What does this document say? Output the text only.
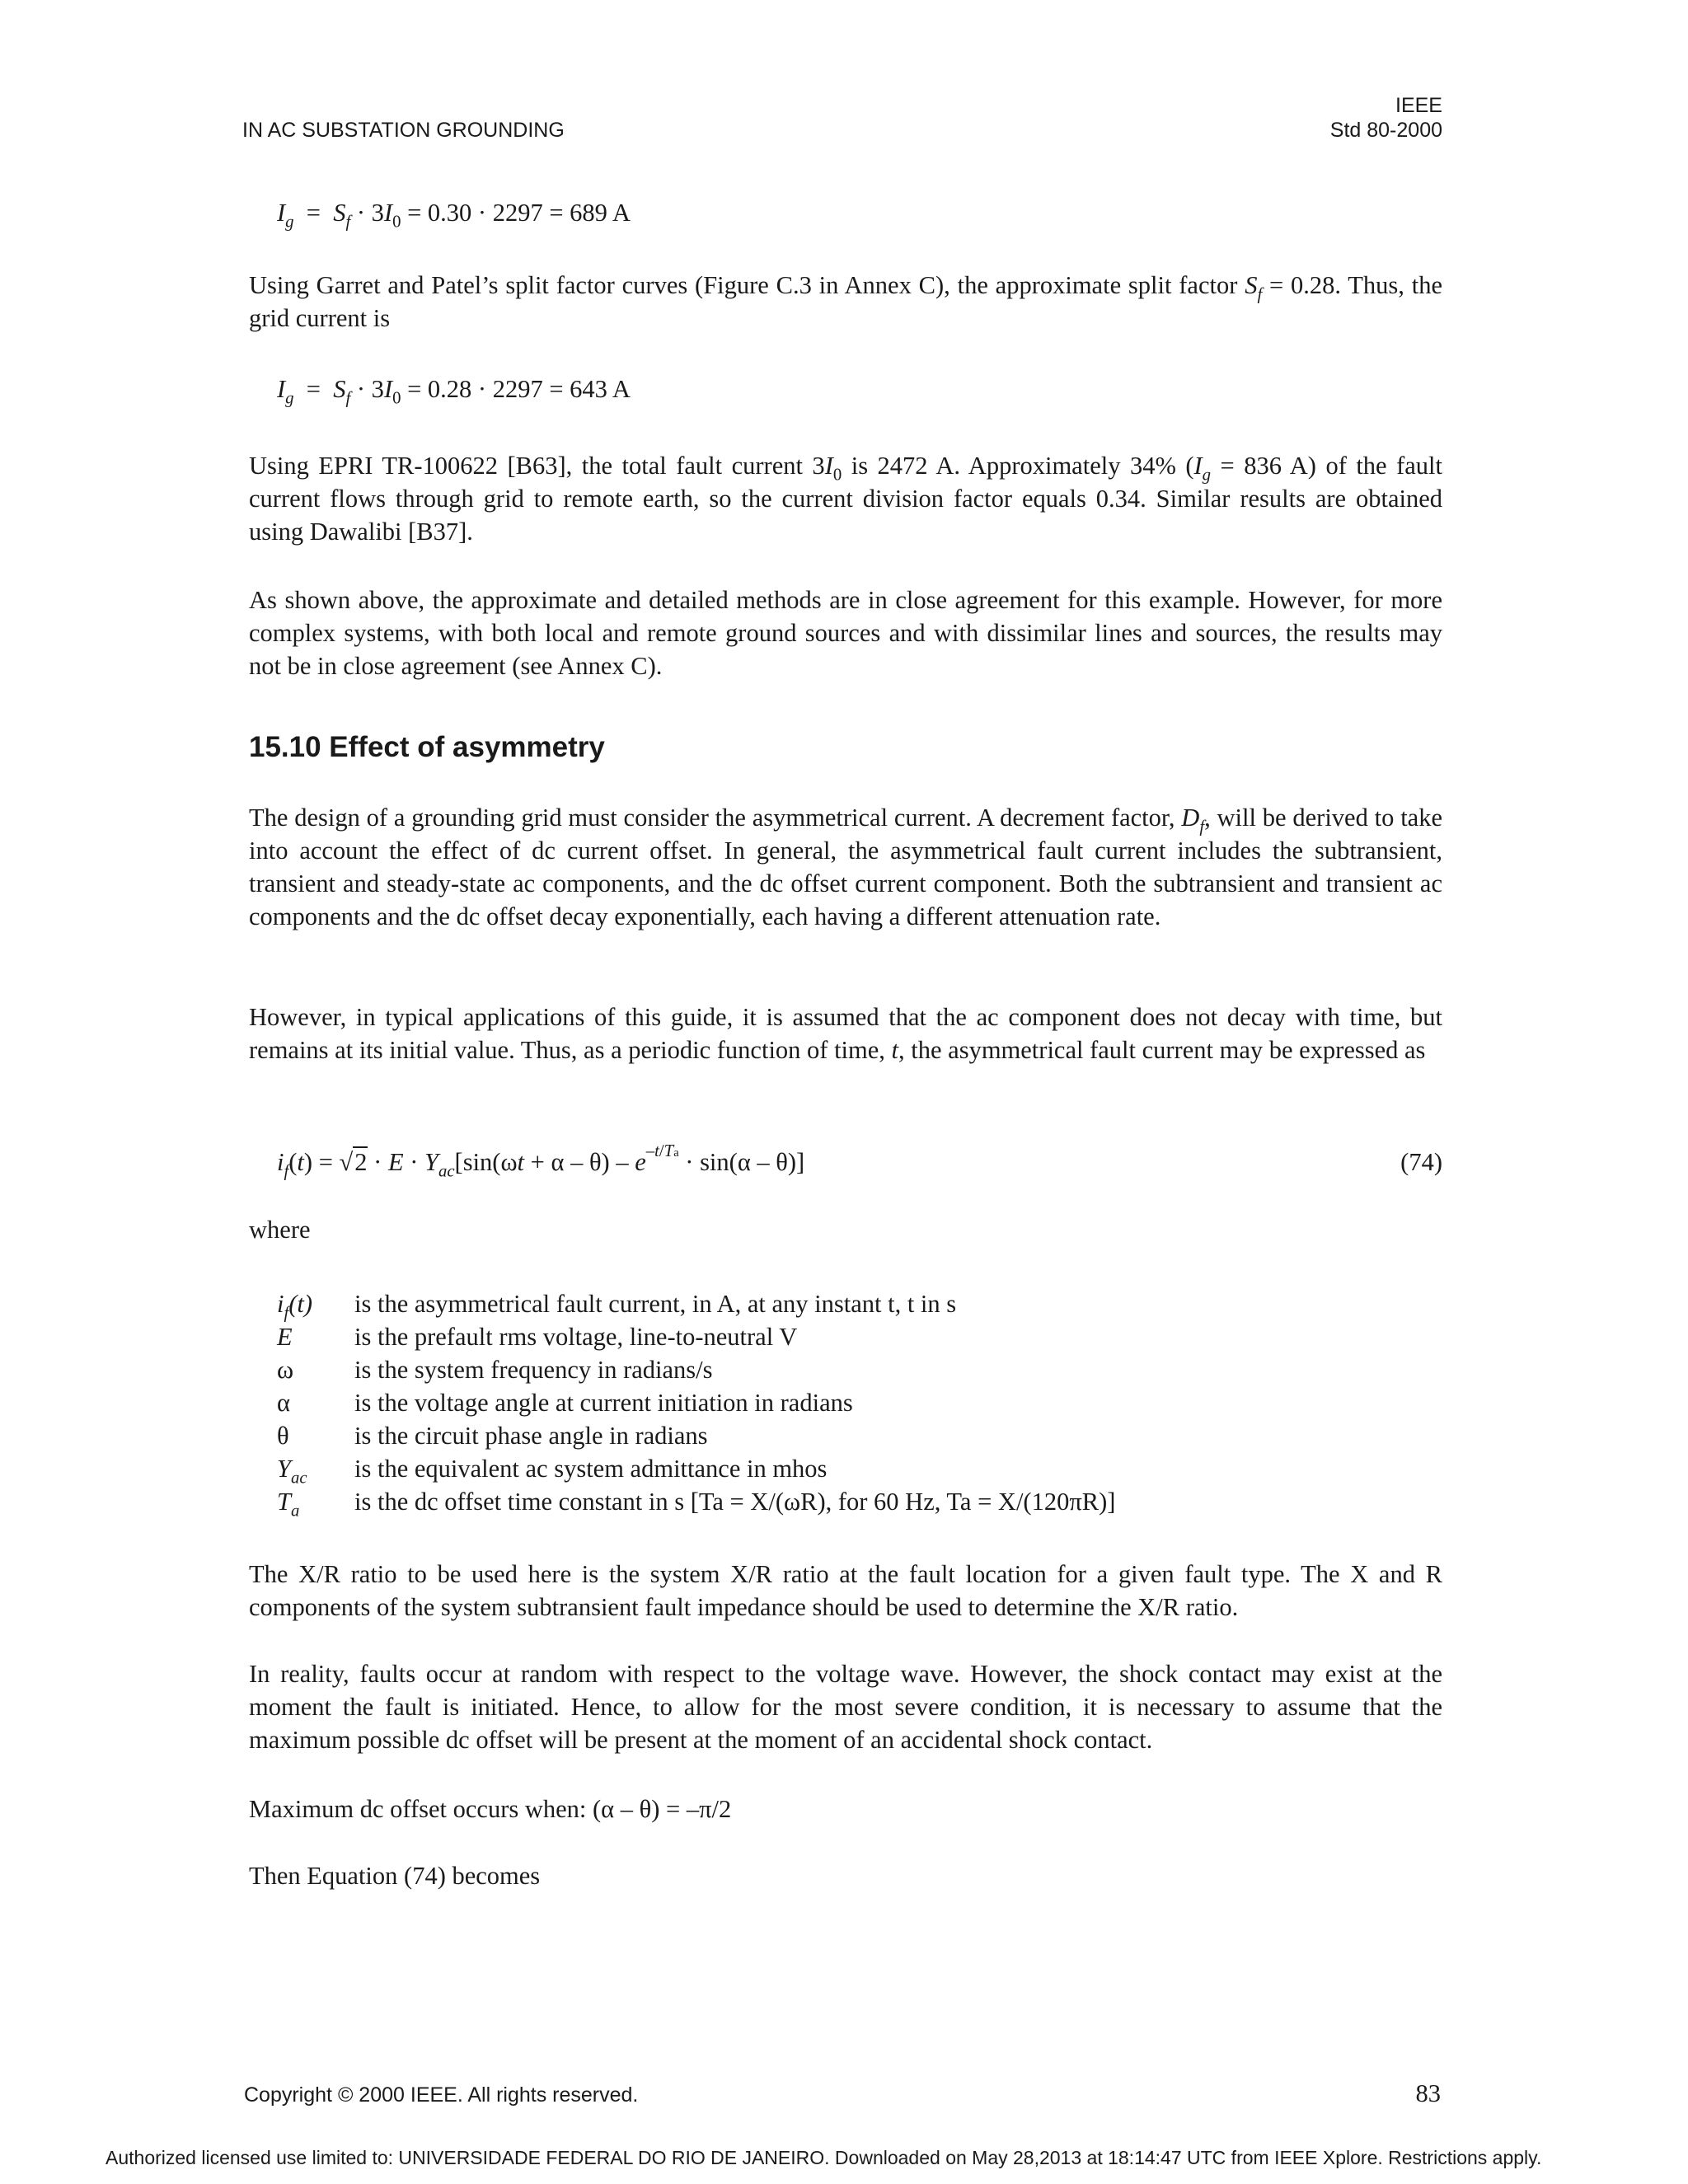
IN AC SUBSTATION GROUNDING
IEEE
Std 80-2000
$I_g = S_f \cdot 3I_0 = 0.30 \cdot 2297 = 689$ A
Using Garret and Patel’s split factor curves (Figure C.3 in Annex C), the approximate split factor $S_f = 0.28$. Thus, the grid current is
$I_g = S_f \cdot 3I_0 = 0.28 \cdot 2297 = 643$ A
Using EPRI TR-100622 [B63], the total fault current $3I_0$ is 2472 A. Approximately 34% ($I_g = 836$ A) of the fault current flows through grid to remote earth, so the current division factor equals 0.34. Similar results are obtained using Dawalibi [B37].
As shown above, the approximate and detailed methods are in close agreement for this example. However, for more complex systems, with both local and remote ground sources and with dissimilar lines and sources, the results may not be in close agreement (see Annex C).
15.10 Effect of asymmetry
The design of a grounding grid must consider the asymmetrical current. A decrement factor, $D_f$, will be derived to take into account the effect of dc current offset. In general, the asymmetrical fault current includes the subtransient, transient and steady-state ac components, and the dc offset current component. Both the subtransient and transient ac components and the dc offset decay exponentially, each having a different attenuation rate.
However, in typical applications of this guide, it is assumed that the ac component does not decay with time, but remains at its initial value. Thus, as a periodic function of time, t, the asymmetrical fault current may be expressed as
$i_f(t) = √2 \cdot E \cdot Y_{ac}[\sin(\omega t + \alpha - \theta) - e^{-t/Ta} \cdot \sin(\alpha - \theta)]$	(74)
where
$i_f(t)$	is the asymmetrical fault current, in A, at any instant t, t in s
E	is the prefault rms voltage, line-to-neutral V
ω	is the system frequency in radians/s
α	is the voltage angle at current initiation in radians
θ	is the circuit phase angle in radians
$Y_{ac}$	is the equivalent ac system admittance in mhos
$T_a$	is the dc offset time constant in s [Ta = X/(ωR), for 60 Hz, Ta = X/(120πR)]
The X/R ratio to be used here is the system X/R ratio at the fault location for a given fault type. The X and R components of the system subtransient fault impedance should be used to determine the X/R ratio.
In reality, faults occur at random with respect to the voltage wave. However, the shock contact may exist at the moment the fault is initiated. Hence, to allow for the most severe condition, it is necessary to assume that the maximum possible dc offset will be present at the moment of an accidental shock contact.
Maximum dc offset occurs when: (α – θ) = –π/2
Then Equation (74) becomes
Copyright © 2000 IEEE. All rights reserved.	83
Authorized licensed use limited to: UNIVERSIDADE FEDERAL DO RIO DE JANEIRO. Downloaded on May 28,2013 at 18:14:47 UTC from IEEE Xplore. Restrictions apply.
